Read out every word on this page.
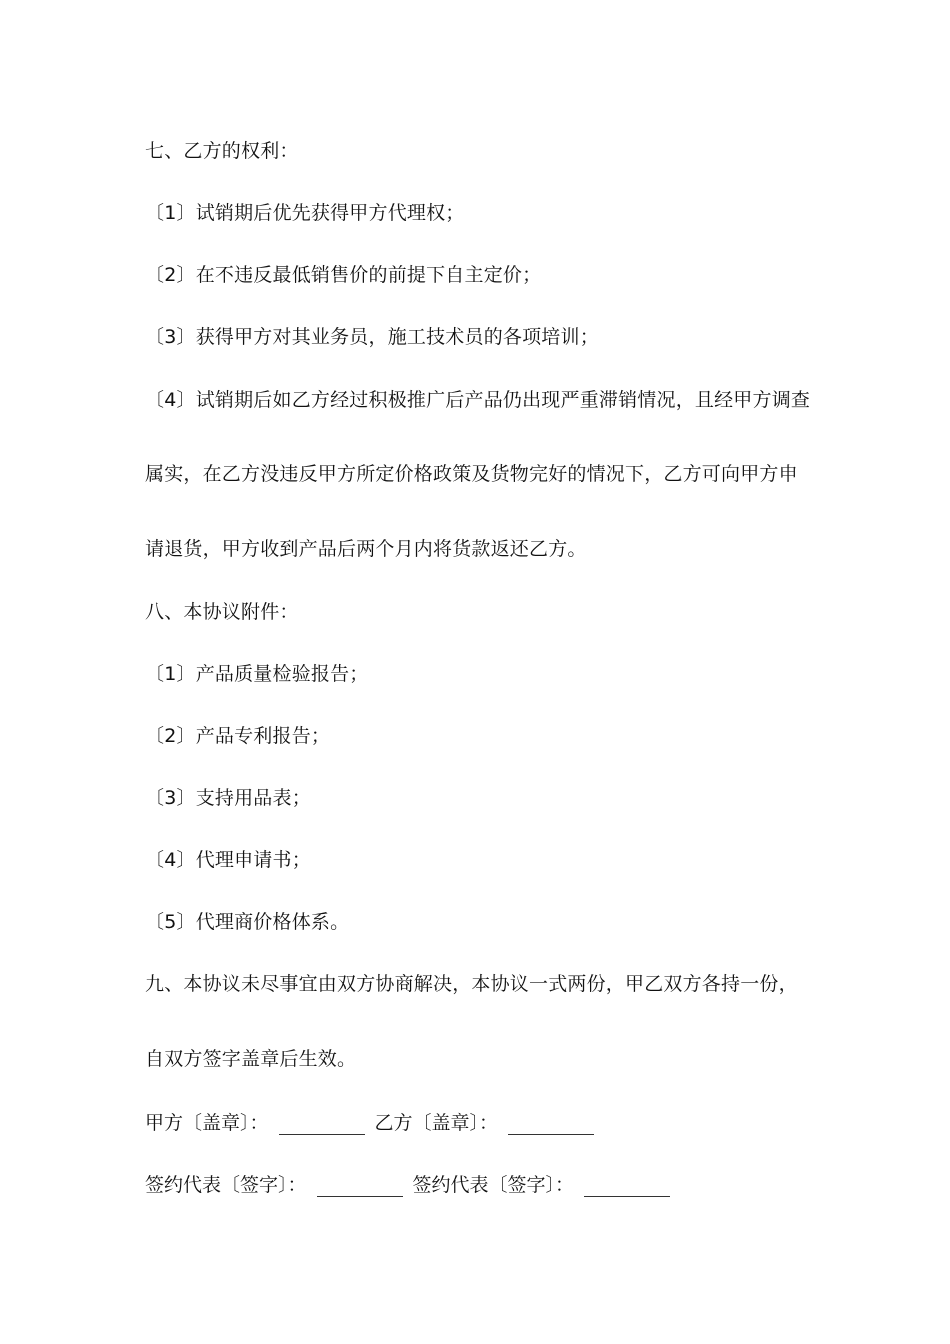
七、乙方的权利：
〔1〕试销期后优先获得甲方代理权；
〔2〕在不违反最低销售价的前提下自主定价；
〔3〕获得甲方对其业务员，施工技术员的各项培训；
〔4〕试销期后如乙方经过积极推广后产品仍出现严重滞销情况，且经甲方调查
属实，在乙方没违反甲方所定价格政策及货物完好的情况下，乙方可向甲方申
请退货，甲方收到产品后两个月内将货款返还乙方。
八、本协议附件：
〔1〕产品质量检验报告；
〔2〕产品专利报告；
〔3〕支持用品表；
〔4〕代理申请书；
〔5〕代理商价格体系。
九、本协议未尽事宜由双方协商解决，本协议一式两份，甲乙双方各持一份，
自双方签字盖章后生效。
甲方〔盖章〕：	乙方〔盖章〕：
签约代表〔签字〕：	签约代表〔签字〕：
